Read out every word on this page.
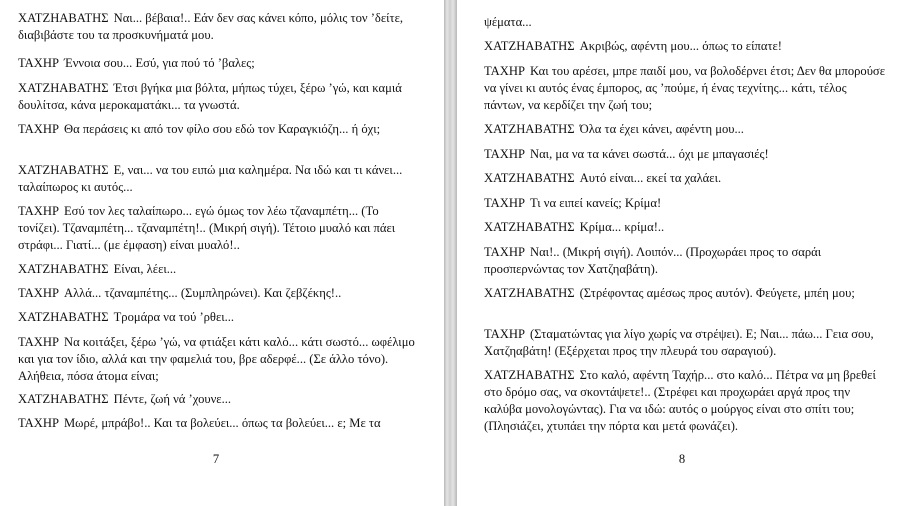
ΧΑΤΖΗΑΒΑΤΗΣ Ναι... βέβαια!.. Εάν δεν σας κάνει κόπο, μόλις τον ’δείτε, διαβιβάστε του τα προσκυνήματά μου.

ΤΑΧΗΡ Έννοια σου... Εσύ, για πού τό ’βαλες;

ΧΑΤΖΗΑΒΑΤΗΣ Έτσι βγήκα μια βόλτα, μήπως τύχει, ξέρω ’γώ, και καμιά δουλίτσα, κάνα μεροκαματάκι... τα γνωστά.

ΤΑΧΗΡ Θα περάσεις κι από τον φίλο σου εδώ τον Καραγκιόζη... ή όχι;

ΧΑΤΖΗΑΒΑΤΗΣ Ε, ναι... να του ειπώ μια καλημέρα. Να ιδώ και τι κάνει... ταλαίπωρος κι αυτός...

ΤΑΧΗΡ Εσύ τον λες ταλαίπωρο... εγώ όμως τον λέω τζαναμπέτη... (Το τονίζει). Τζαναμπέτη... τζαναμπέτη!.. (Μικρή σιγή). Τέτοιο μυαλό και πάει στράφι... Γιατί... (με έμφαση) είναι μυαλό!..

ΧΑΤΖΗΑΒΑΤΗΣ Είναι, λέει...

ΤΑΧΗΡ Αλλά... τζαναμπέτης... (Συμπληρώνει). Και ζεβζέκης!..

ΧΑΤΖΗΑΒΑΤΗΣ Τρομάρα να τού ’ρθει...

ΤΑΧΗΡ Να κοιτάξει, ξέρω ’γώ, να φτιάξει κάτι καλό... κάτι σωστό... ωφέλιμο και για τον ίδιο, αλλά και την φαμελιά του, βρε αδερφέ... (Σε άλλο τόνο). Αλήθεια, πόσα άτομα είναι;

ΧΑΤΖΗΑΒΑΤΗΣ Πέντε, ζωή νά ’χουνε...

ΤΑΧΗΡ Μωρέ, μπράβο!.. Και τα βολεύει... όπως τα βολεύει... ε; Με τα

7

ψέματα...

ΧΑΤΖΗΑΒΑΤΗΣ Ακριβώς, αφέντη μου... όπως το είπατε!

ΤΑΧΗΡ Και του αρέσει, μπρε παιδί μου, να βολοδέρνει έτσι; Δεν θα μπορούσε να γίνει κι αυτός ένας έμπορος, ας ’πούμε, ή ένας τεχνίτης... κάτι, τέλος πάντων, να κερδίζει την ζωή του;

ΧΑΤΖΗΑΒΑΤΗΣ Όλα τα έχει κάνει, αφέντη μου...

ΤΑΧΗΡ Ναι, μα να τα κάνει σωστά... όχι με μπαγασιές!

ΧΑΤΖΗΑΒΑΤΗΣ Αυτό είναι... εκεί τα χαλάει.

ΤΑΧΗΡ Τι να ειπεί κανείς; Κρίμα!

ΧΑΤΖΗΑΒΑΤΗΣ Κρίμα... κρίμα!..

ΤΑΧΗΡ Ναι!.. (Μικρή σιγή). Λοιπόν... (Προχωράει προς το σαράι προσπερνώντας τον Χατζηαβάτη).

ΧΑΤΖΗΑΒΑΤΗΣ (Στρέφοντας αμέσως προς αυτόν). Φεύγετε, μπέη μου;

ΤΑΧΗΡ (Σταματώντας για λίγο χωρίς να στρέψει). Ε; Ναι... πάω... Γεια σου, Χατζηαβάτη! (Εξέρχεται προς την πλευρά του σαραγιού).

ΧΑΤΖΗΑΒΑΤΗΣ Στο καλό, αφέντη Ταχήρ... στο καλό... Πέτρα να μη βρεθεί στο δρόμο σας, να σκοντάψετε!.. (Στρέφει και προχωράει αργά προς την καλύβα μονολογώντας). Για να ιδώ: αυτός ο μούργος είναι στο σπίτι του; (Πλησιάζει, χτυπάει την πόρτα και μετά φωνάζει).

8
